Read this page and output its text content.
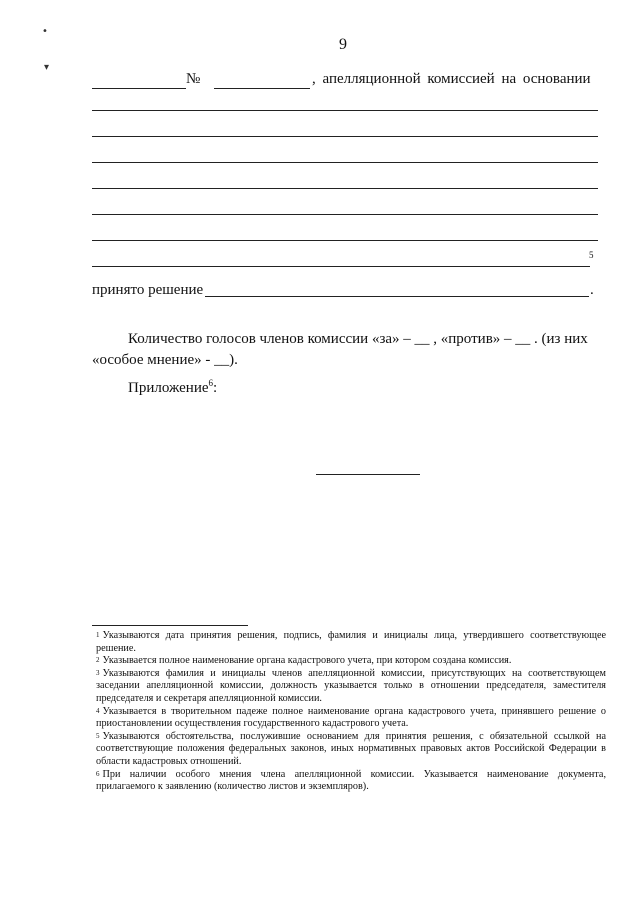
•
▾
9
№	, апелляционной комиссией на основании
5
принято решение	.
Количество голосов членов комиссии «за» – __ , «против» – __ . (из них
«особое мнение» - __).
Приложение$^6$:
$^1$ Указываются дата принятия решения, подпись, фамилия и инициалы лица, утвердившего соответствующее решение.
$^2$ Указывается полное наименование органа кадастрового учета, при котором создана комиссия.
$^3$ Указываются фамилия и инициалы членов апелляционной комиссии, присутствующих на соответствующем заседании апелляционной комиссии, должность указывается только в отношении председателя, заместителя председателя и секретаря апелляционной комиссии.
$^4$ Указывается в творительном падеже полное наименование органа кадастрового учета, принявшего решение о приостановлении осуществления государственного кадастрового учета.
$^5$ Указываются обстоятельства, послужившие основанием для принятия решения, с обязательной ссылкой на соответствующие положения федеральных законов, иных нормативных правовых актов Российской Федерации в области кадастровых отношений.
$^6$ При наличии особого мнения члена апелляционной комиссии. Указывается наименование документа, прилагаемого к заявлению (количество листов и экземпляров).
